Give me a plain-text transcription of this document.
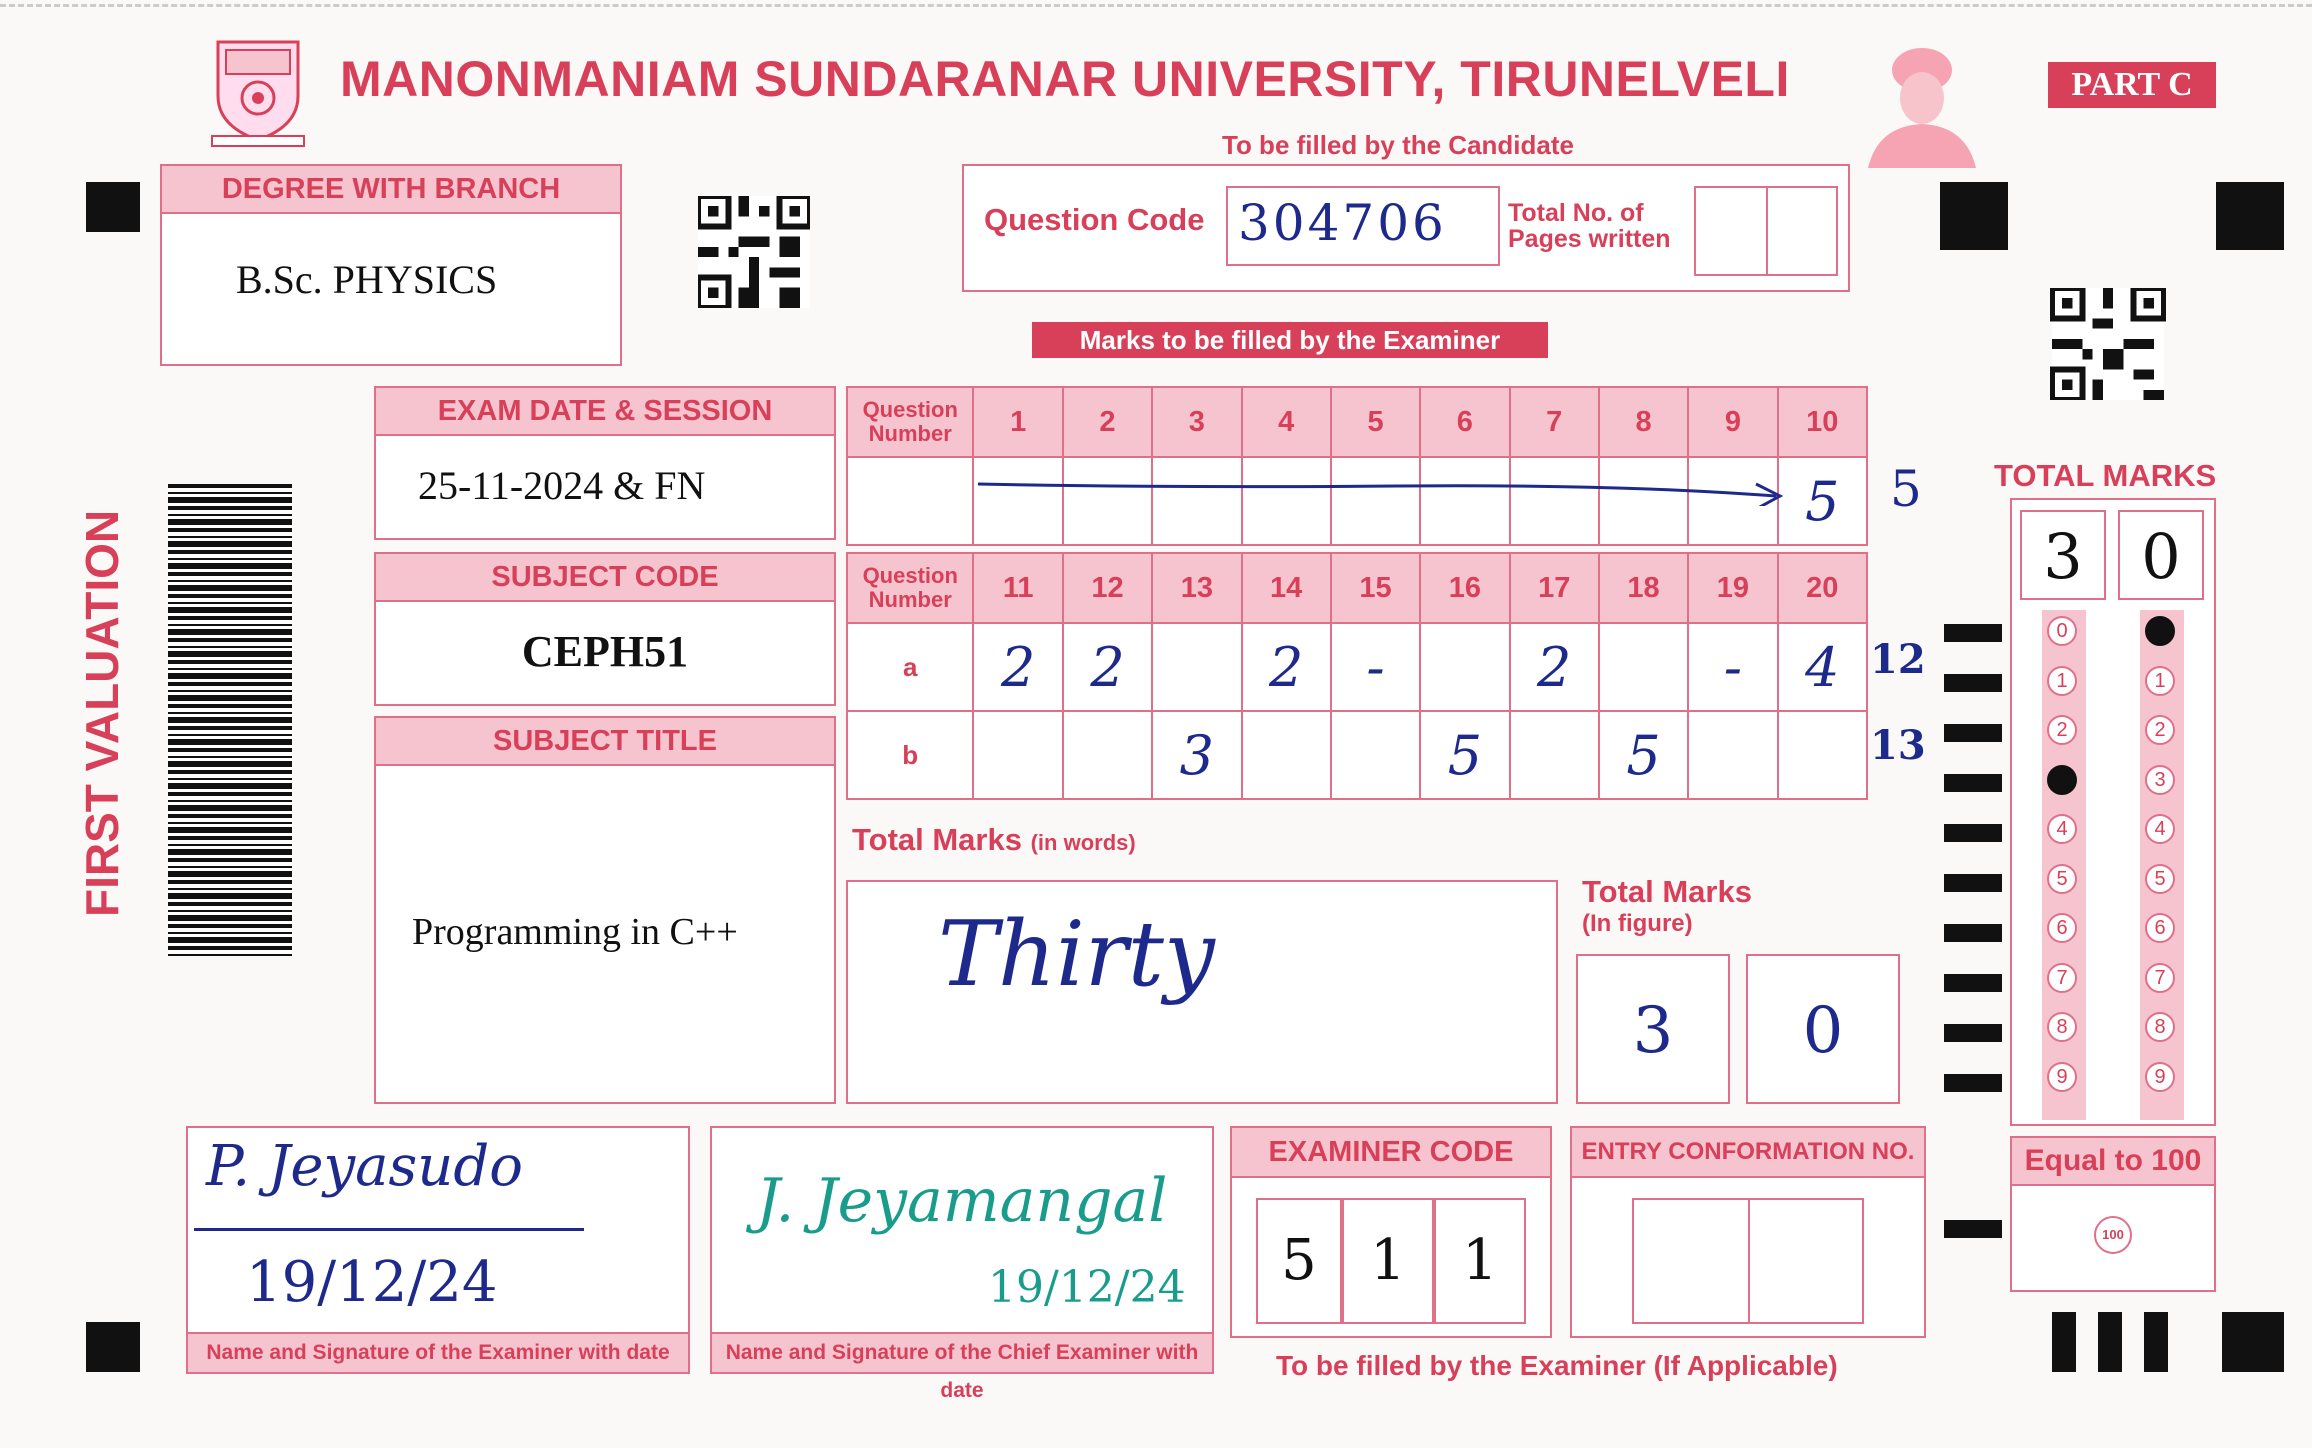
MANONMANIAM SUNDARANAR UNIVERSITY, TIRUNELVELI	PART C
To be filled by the Candidate
DEGREE WITH BRANCH
B.Sc. PHYSICS
Question Code 304706	Total No. of
Pages written
Marks to be filled by the Examiner
FIRST VALUATION
EXAM DATE & SESSION
25-11-2024 & FN
SUBJECT CODE
CEPH51
SUBJECT TITLE
Programming in C++
Question
Number	1	2	3	4	5	6	7	8	9	10
										5 5
Question
Number	11	12	13	14	15	16	17	18	19	20
a	2	2		2	-		2		-	4
b			3			5		5		
12
13
Total Marks (in words)
Thirty
Total Marks
(In figure)
3	0
TOTAL MARKS
3 0
0
1
2
3
4
5
6
7
8
9
0
1
2
3
4
5
6
7
8
9
Equal to 100
100
P. Jeyasudo
19/12/24
Name and Signature of the Examiner with date
J. Jeyamangal
19/12/24
Name and Signature of the Chief Examiner with date
EXAMINER CODE
5 1	1
ENTRY CONFORMATION NO.
To be filled by the Examiner (If Applicable)
